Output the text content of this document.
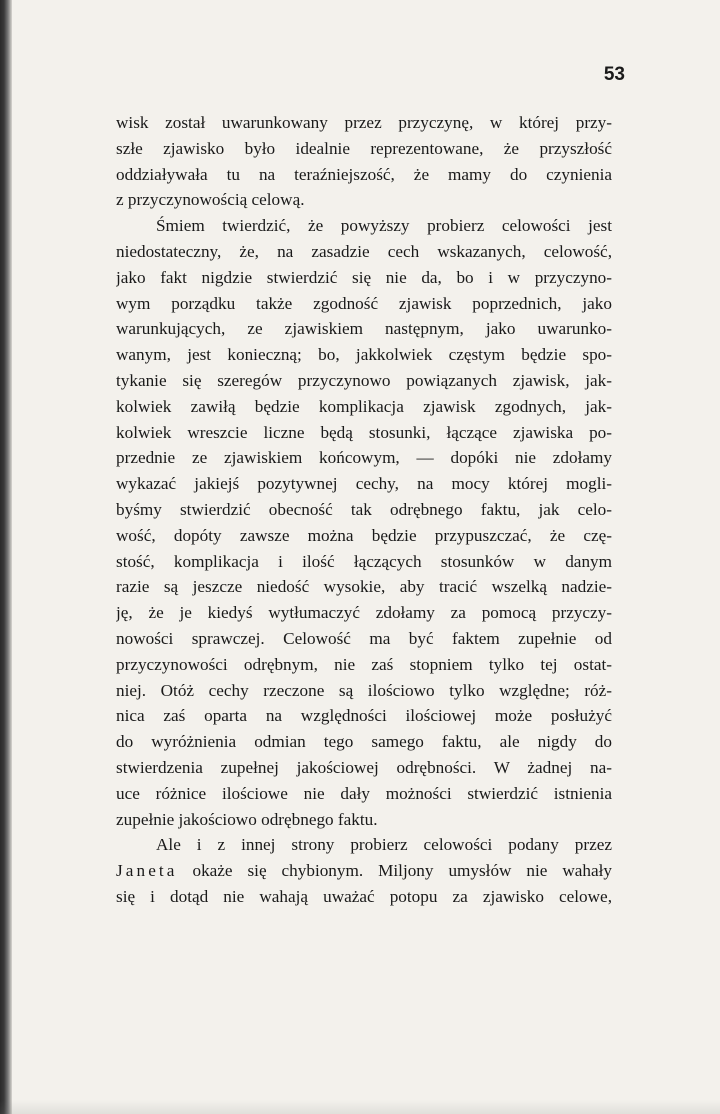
53
wisk został uwarunkowany przez przyczynę, w której przy-
szłe zjawisko było idealnie reprezentowane, że przyszłość
oddziaływała tu na teraźniejszość, że mamy do czynienia
z przyczynowością celową.
Śmiem twierdzić, że powyższy probierz celowości jest
niedostateczny, że, na zasadzie cech wskazanych, celowość,
jako fakt nigdzie stwierdzić się nie da, bo i w przyczyno-
wym porządku także zgodność zjawisk poprzednich, jako
warunkujących, ze zjawiskiem następnym, jako uwarunko-
wanym, jest konieczną; bo, jakkolwiek częstym będzie spo-
tykanie się szeregów przyczynowo powiązanych zjawisk, jak-
kolwiek zawiłą będzie komplikacja zjawisk zgodnych, jak-
kolwiek wreszcie liczne będą stosunki, łączące zjawiska po-
przednie ze zjawiskiem końcowym, — dopóki nie zdołamy
wykazać jakiejś pozytywnej cechy, na mocy której mogli-
byśmy stwierdzić obecność tak odrębnego faktu, jak celo-
wość, dopóty zawsze można będzie przypuszczać, że czę-
stość, komplikacja i ilość łączących stosunków w danym
razie są jeszcze niedość wysokie, aby tracić wszelką nadzie-
ję, że je kiedyś wytłumaczyć zdołamy za pomocą przyczy-
nowości sprawczej. Celowość ma być faktem zupełnie od
przyczynowości odrębnym, nie zaś stopniem tylko tej ostat-
niej. Otóż cechy rzeczone są ilościowo tylko względne; róż-
nica zaś oparta na względności ilościowej może posłużyć
do wyróżnienia odmian tego samego faktu, ale nigdy do
stwierdzenia zupełnej jakościowej odrębności. W żadnej na-
uce różnice ilościowe nie dały możności stwierdzić istnienia
zupełnie jakościowo odrębnego faktu.
Ale i z innej strony probierz celowości podany przez
Janeta okaże się chybionym. Miljony umysłów nie wahały
się i dotąd nie wahają uważać potopu za zjawisko celowe,
